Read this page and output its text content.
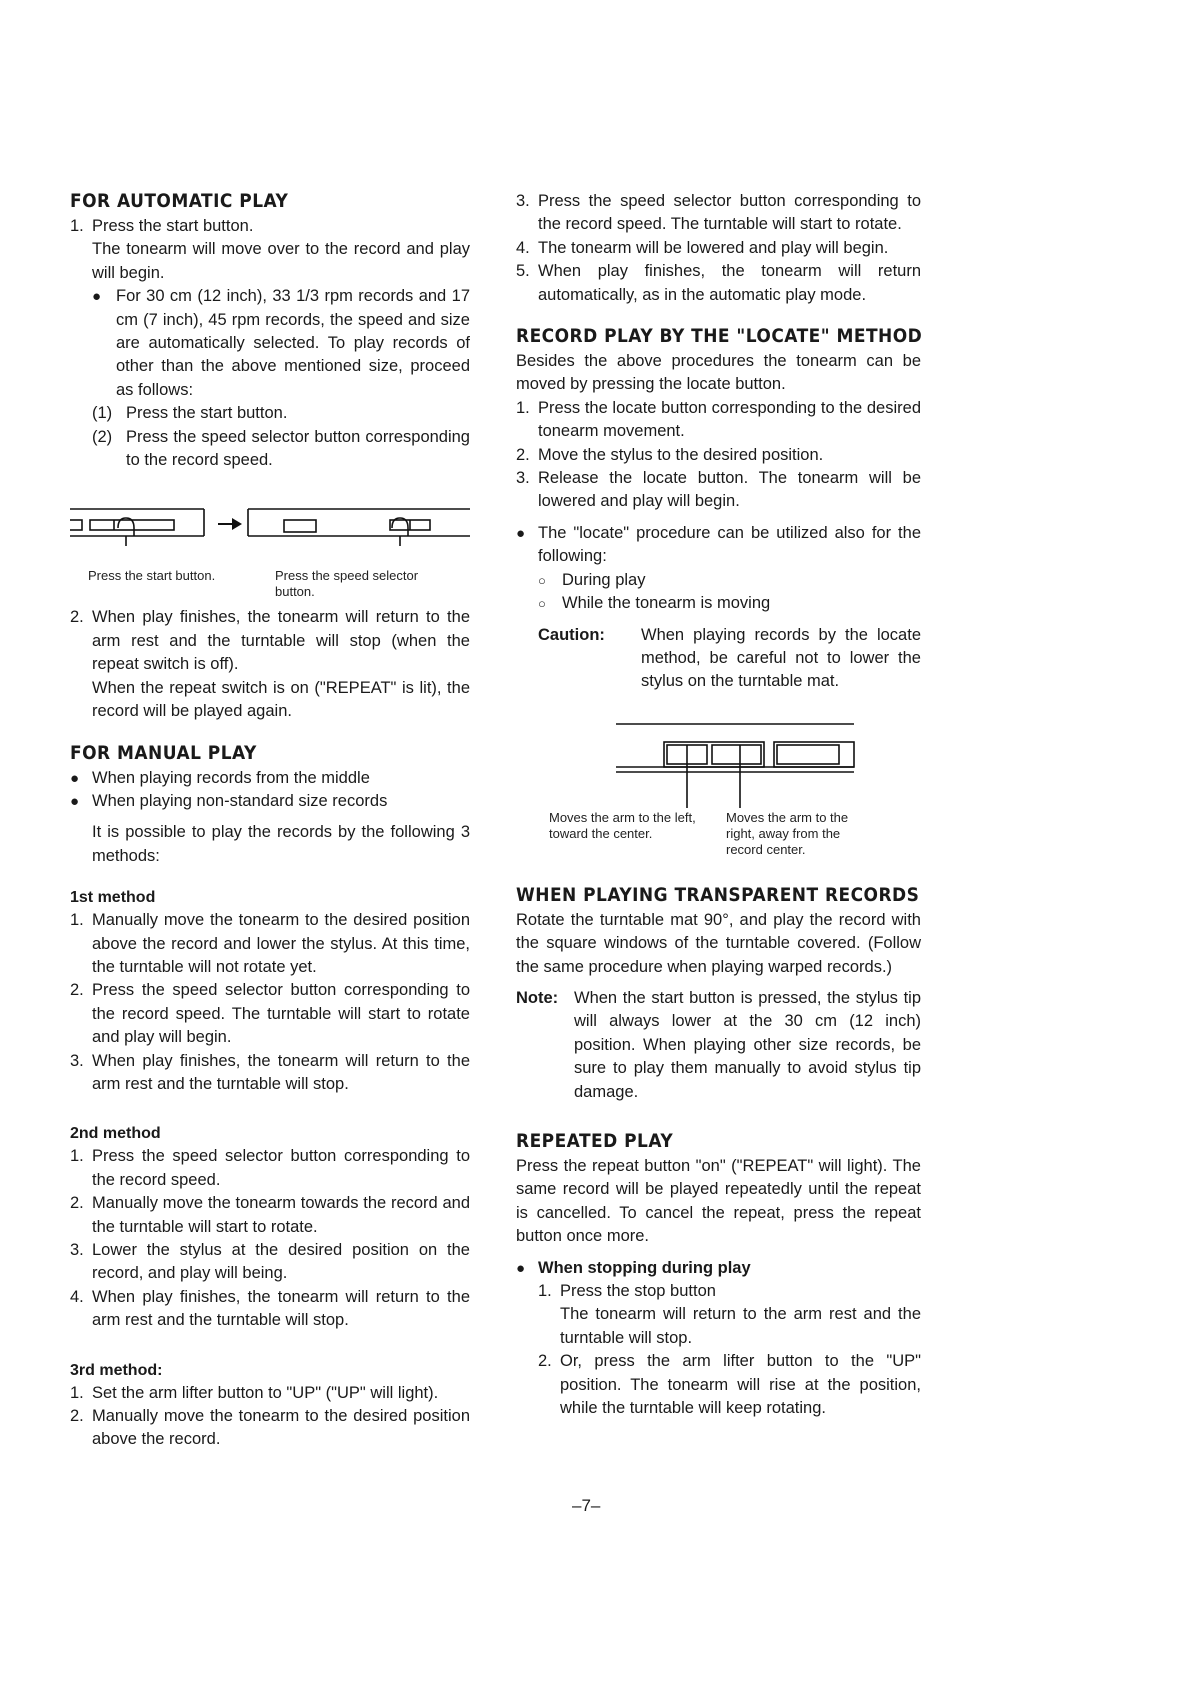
FOR AUTOMATIC PLAY
1. Press the start button.

The tonearm will move over to the record and play will begin.

● For 30 cm (12 inch), 33 1/3 rpm records and 17 cm (7 inch), 45 rpm records, the speed and size are automatically selected. To play records of other than the above mentioned size, proceed as follows:
(1) Press the start button.
(2) Press the speed selector button corresponding to the record speed.
Press the start button.	Press the speed selector button.
2. When play finishes, the tonearm will return to the arm rest and the turntable will stop (when the repeat switch is off).

When the repeat switch is on ("REPEAT" is lit), the record will be played again.

FOR MANUAL PLAY
● When playing records from the middle
● When playing non-standard size records

It is possible to play the records by the following 3 methods:

1st method
1. Manually move the tonearm to the desired position above the record and lower the stylus. At this time, the turntable will not rotate yet.
2. Press the speed selector button corresponding to the record speed. The turntable will start to rotate and play will begin.
3. When play finishes, the tonearm will return to the arm rest and the turntable will stop.
2nd method
1. Press the speed selector button corresponding to the record speed.
2. Manually move the tonearm towards the record and the turntable will start to rotate.
3. Lower the stylus at the desired position on the record, and play will being.
4. When play finishes, the tonearm will return to the arm rest and the turntable will stop.
3rd method:
1. Set the arm lifter button to "UP" ("UP" will light).
2. Manually move the tonearm to the desired position above the record.
3. Press the speed selector button corresponding to the record speed. The turntable will start to rotate.
4. The tonearm will be lowered and play will begin.
5. When play finishes, the tonearm will return automatically, as in the automatic play mode.
RECORD PLAY BY THE "LOCATE" METHOD

Besides the above procedures the tonearm can be moved by pressing the locate button.

1. Press the locate button corresponding to the desired tonearm movement.
2. Move the stylus to the desired position.
3. Release the locate button. The tonearm will be lowered and play will begin.
● The "locate" procedure can be utilized also for the following:
○ During play
○ While the tonearm is moving
Caution: When playing records by the locate method, be careful not to lower the stylus on the turntable mat.
Moves the arm to the left, toward the center.
Moves the arm to the right, away from the record center.
WHEN PLAYING TRANSPARENT RECORDS

Rotate the turntable mat 90°, and play the record with the square windows of the turntable covered. (Follow the same procedure when playing warped records.)

Note: When the start button is pressed, the stylus tip will always lower at the 30 cm (12 inch) position. When playing other size records, be sure to play them manually to avoid stylus tip damage.
REPEATED PLAY

Press the repeat button "on" ("REPEAT" will light). The same record will be played repeatedly until the repeat is cancelled. To cancel the repeat, press the repeat button once more.

● When stopping during play
1. Press the stop button

The tonearm will return to the arm rest and the turntable will stop.

2. Or, press the arm lifter button to the "UP" position. The tonearm will rise at the position, while the turntable will keep rotating.
–7–
